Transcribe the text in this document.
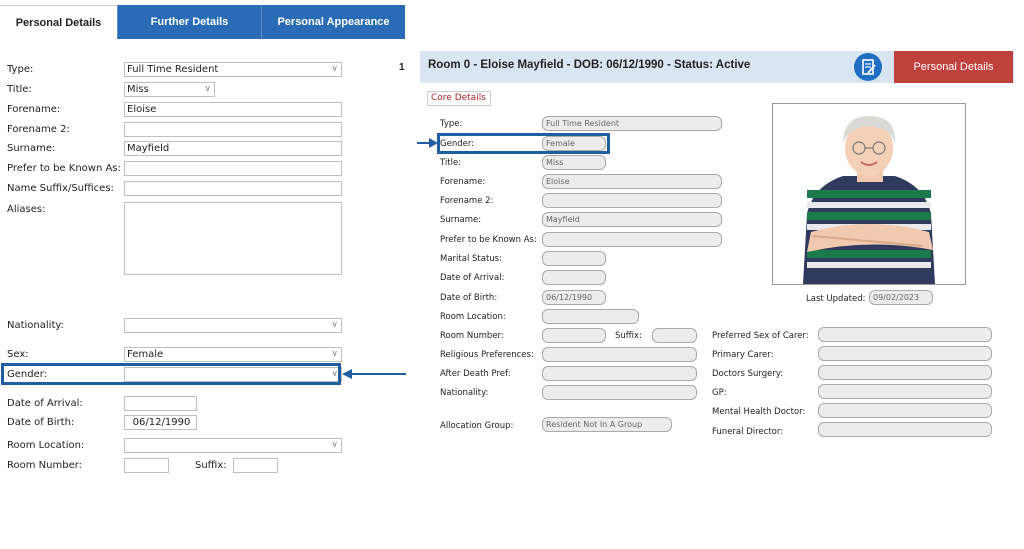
Personal Details	Further Details	Personal Appearance
Type:	Full Time Resident ∨
Title:	Miss ∨
Forename:	Eloise
Forename 2:
Surname:	Mayfield
Prefer to be Known As:
Name Suffix/Suffices:
Aliases:
Nationality:
∨
Sex:	Female ∨
Gender:
∨
Date of Arrival:
Date of Birth:	06/12/1990
Room Location:
∨
Room Number:	Suffix:
1 Room 0 - Eloise Mayfield - DOB: 06/12/1990 - Status: Active	Personal Details
Core Details
Type:	Full Time Resident
Gender:	Female
Title:	Miss
Forename:	Eloise
Forename 2:
Surname:	Mayfield
Prefer to be Known As:
Marital Status:
Date of Arrival:
Date of Birth:	06/12/1990
Room Location:
Room Number:	Suffix:
Religious Preferences:
After Death Pref:
Nationality:
Allocation Group:	Resident Not In A Group
Last Updated: 09/02/2023
Preferred Sex of Carer:
Primary Carer:
Doctors Surgery:
GP:
Mental Health Doctor:
Funeral Director:
